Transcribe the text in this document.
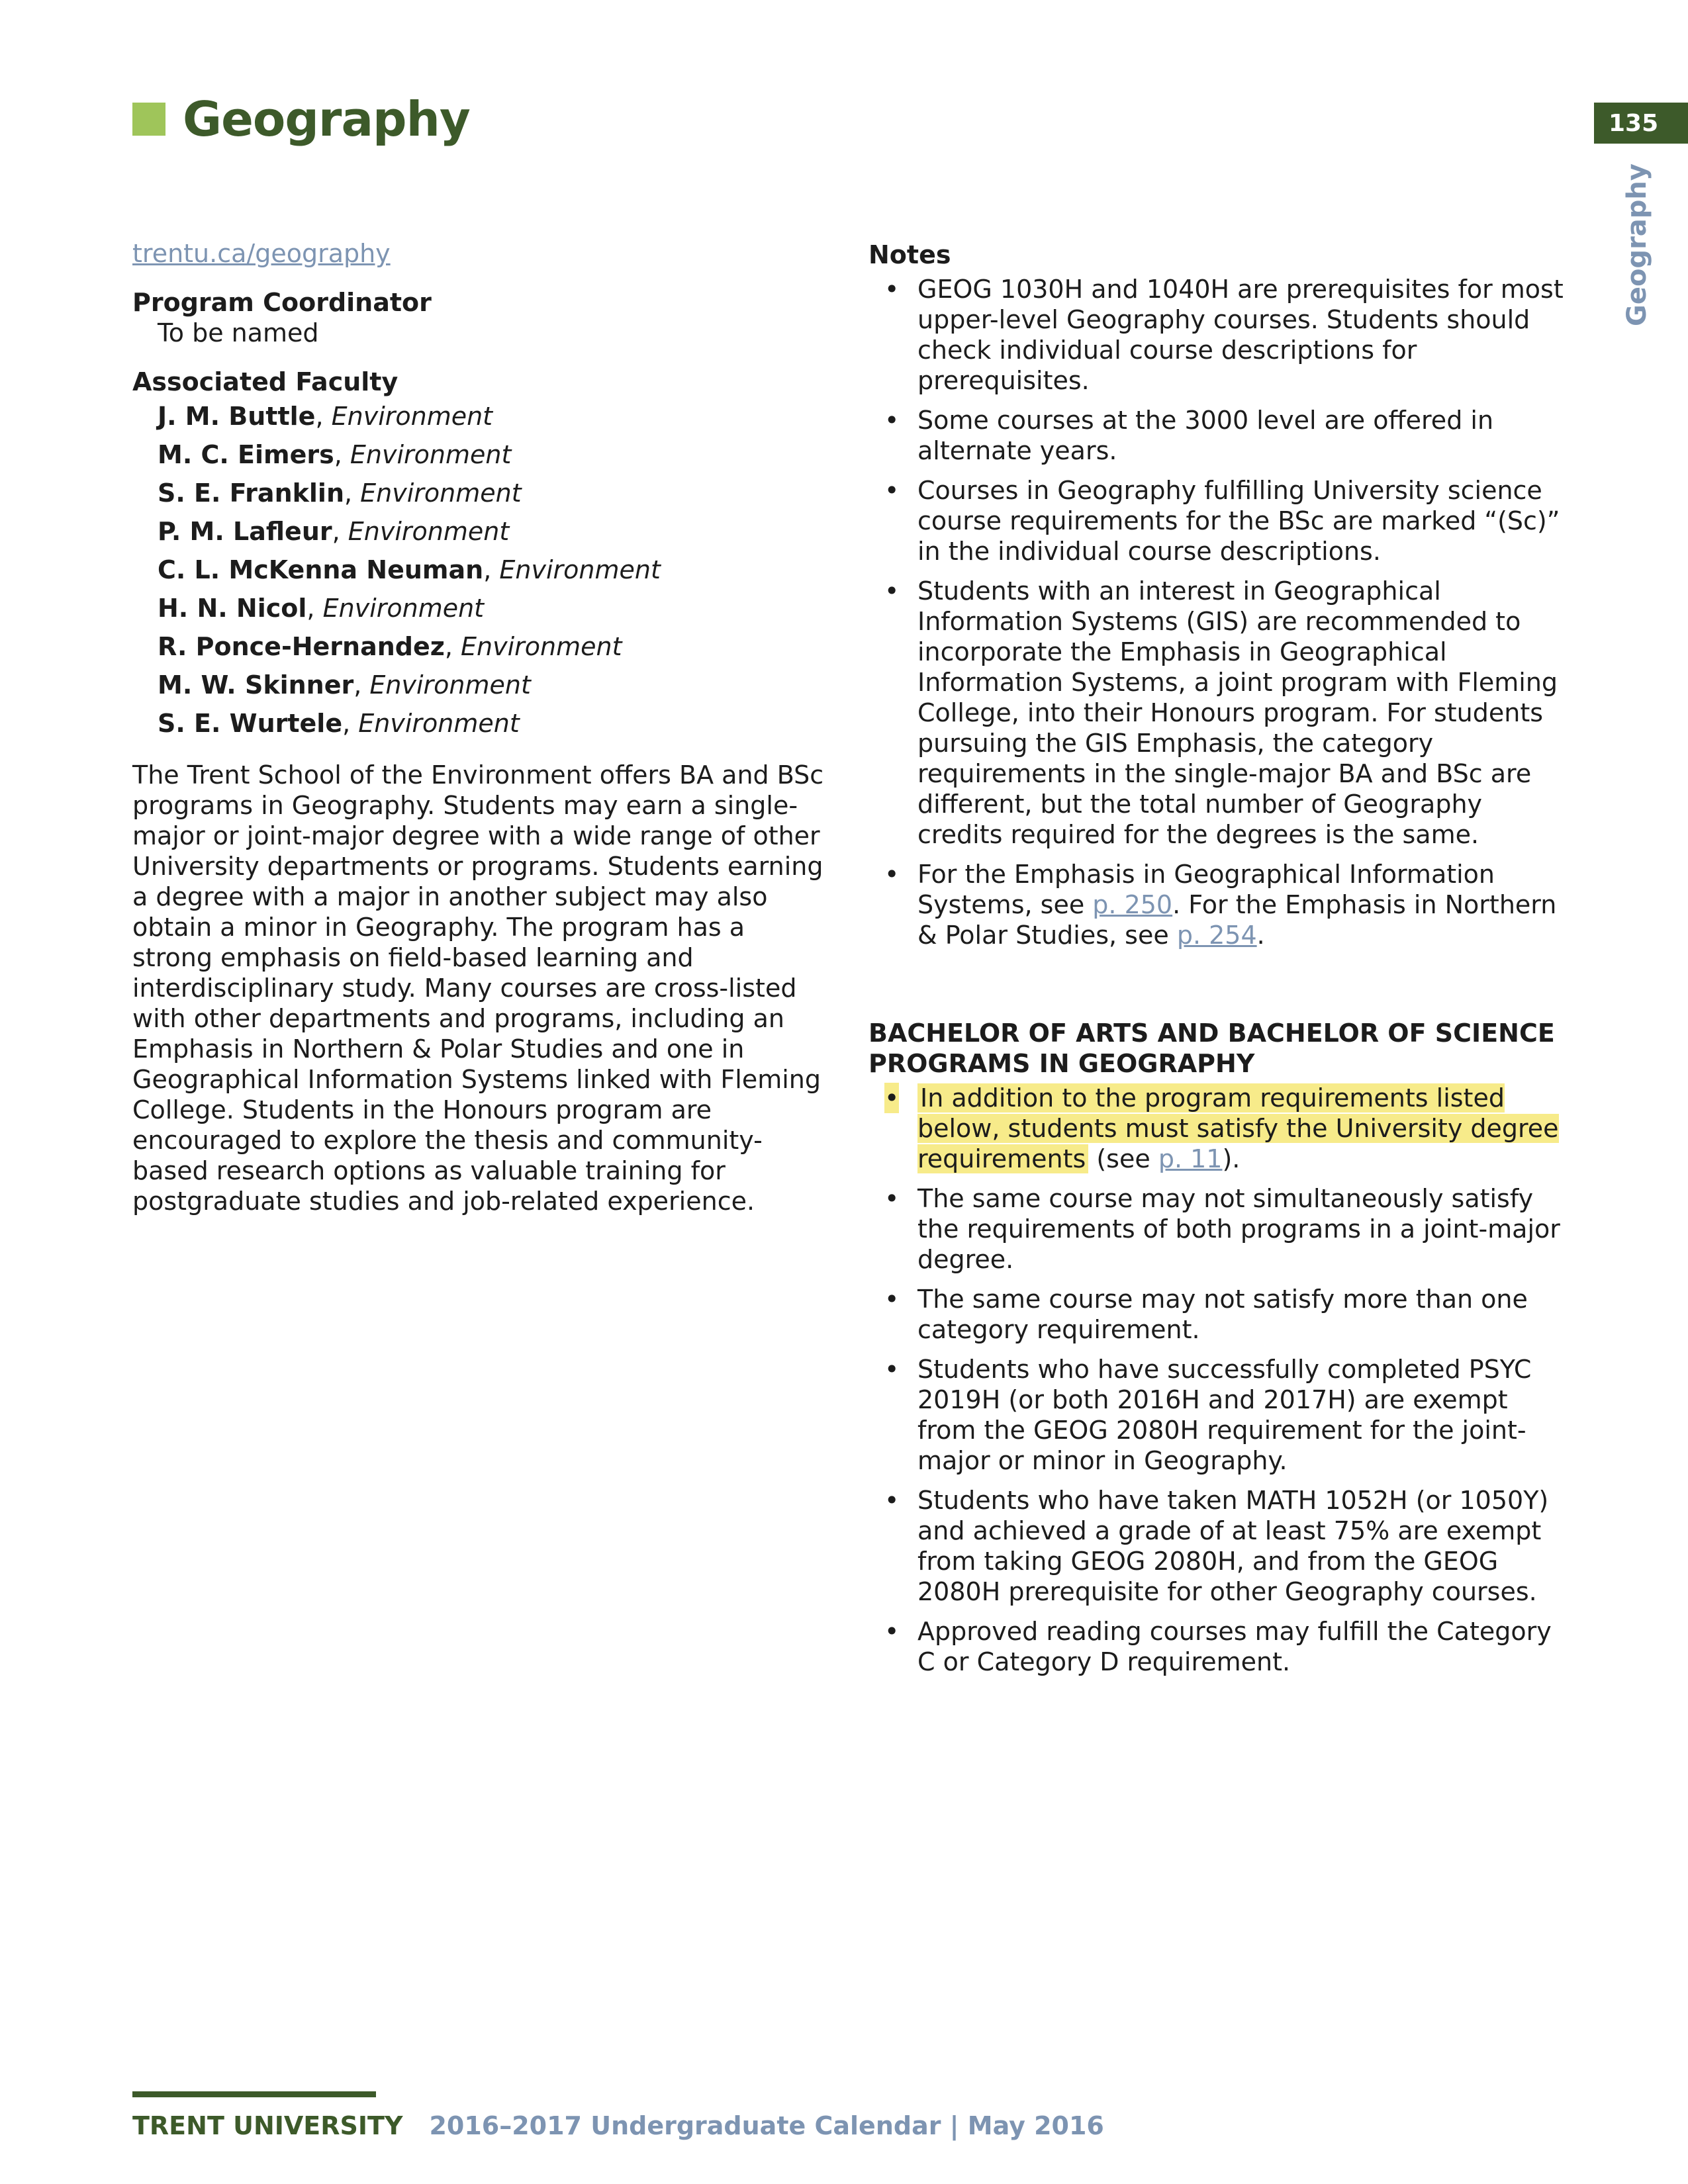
Geography	135
Geography
trentu.ca/geography
Program Coordinator
To be named
Associated Faculty
J. M. Buttle, Environment
M. C. Eimers, Environment
S. E. Franklin, Environment
P. M. Lafleur, Environment
C. L. McKenna Neuman, Environment
H. N. Nicol, Environment
R. Ponce-Hernandez, Environment
M. W. Skinner, Environment
S. E. Wurtele, Environment

The Trent School of the Environment offers BA and BSc programs in Geography. Students may earn a single-major or joint-major degree with a wide range of other University departments or programs. Students earning a degree with a major in another subject may also obtain a minor in Geography. The program has a strong emphasis on field-based learning and interdisciplinary study. Many courses are cross-listed with other departments and programs, including an Emphasis in Northern & Polar Studies and one in Geographical Information Systems linked with Fleming College. Students in the Honours program are encouraged to explore the thesis and community-based research options as valuable training for postgraduate studies and job-related experience.

Notes
• GEOG 1030H and 1040H are prerequisites for most upper-level Geography courses. Students should check individual course descriptions for prerequisites.
• Some courses at the 3000 level are offered in alternate years.
• Courses in Geography fulfilling University science course requirements for the BSc are marked “(Sc)” in the individual course descriptions.
• Students with an interest in Geographical Information Systems (GIS) are recommended to incorporate the Emphasis in Geographical Information Systems, a joint program with Fleming College, into their Honours program. For students pursuing the GIS Emphasis, the category requirements in the single-major BA and BSc are different, but the total number of Geography credits required for the degrees is the same.
• For the Emphasis in Geographical Information Systems, see p. 250. For the Emphasis in Northern & Polar Studies, see p. 254.
BACHELOR OF ARTS AND BACHELOR OF SCIENCE
PROGRAMS IN GEOGRAPHY
• In addition to the program requirements listed below, students must satisfy the University degree requirements (see p. 11).
• The same course may not simultaneously satisfy the requirements of both programs in a joint-major degree.
• The same course may not satisfy more than one category requirement.
• Students who have successfully completed PSYC 2019H (or both 2016H and 2017H) are exempt from the GEOG 2080H requirement for the joint-major or minor in Geography.
• Students who have taken MATH 1052H (or 1050Y) and achieved a grade of at least 75% are exempt from taking GEOG 2080H, and from the GEOG 2080H prerequisite for other Geography courses.
• Approved reading courses may fulfill the Category C or Category D requirement.
TRENT UNIVERSITY 2016–2017 Undergraduate Calendar | May 2016
